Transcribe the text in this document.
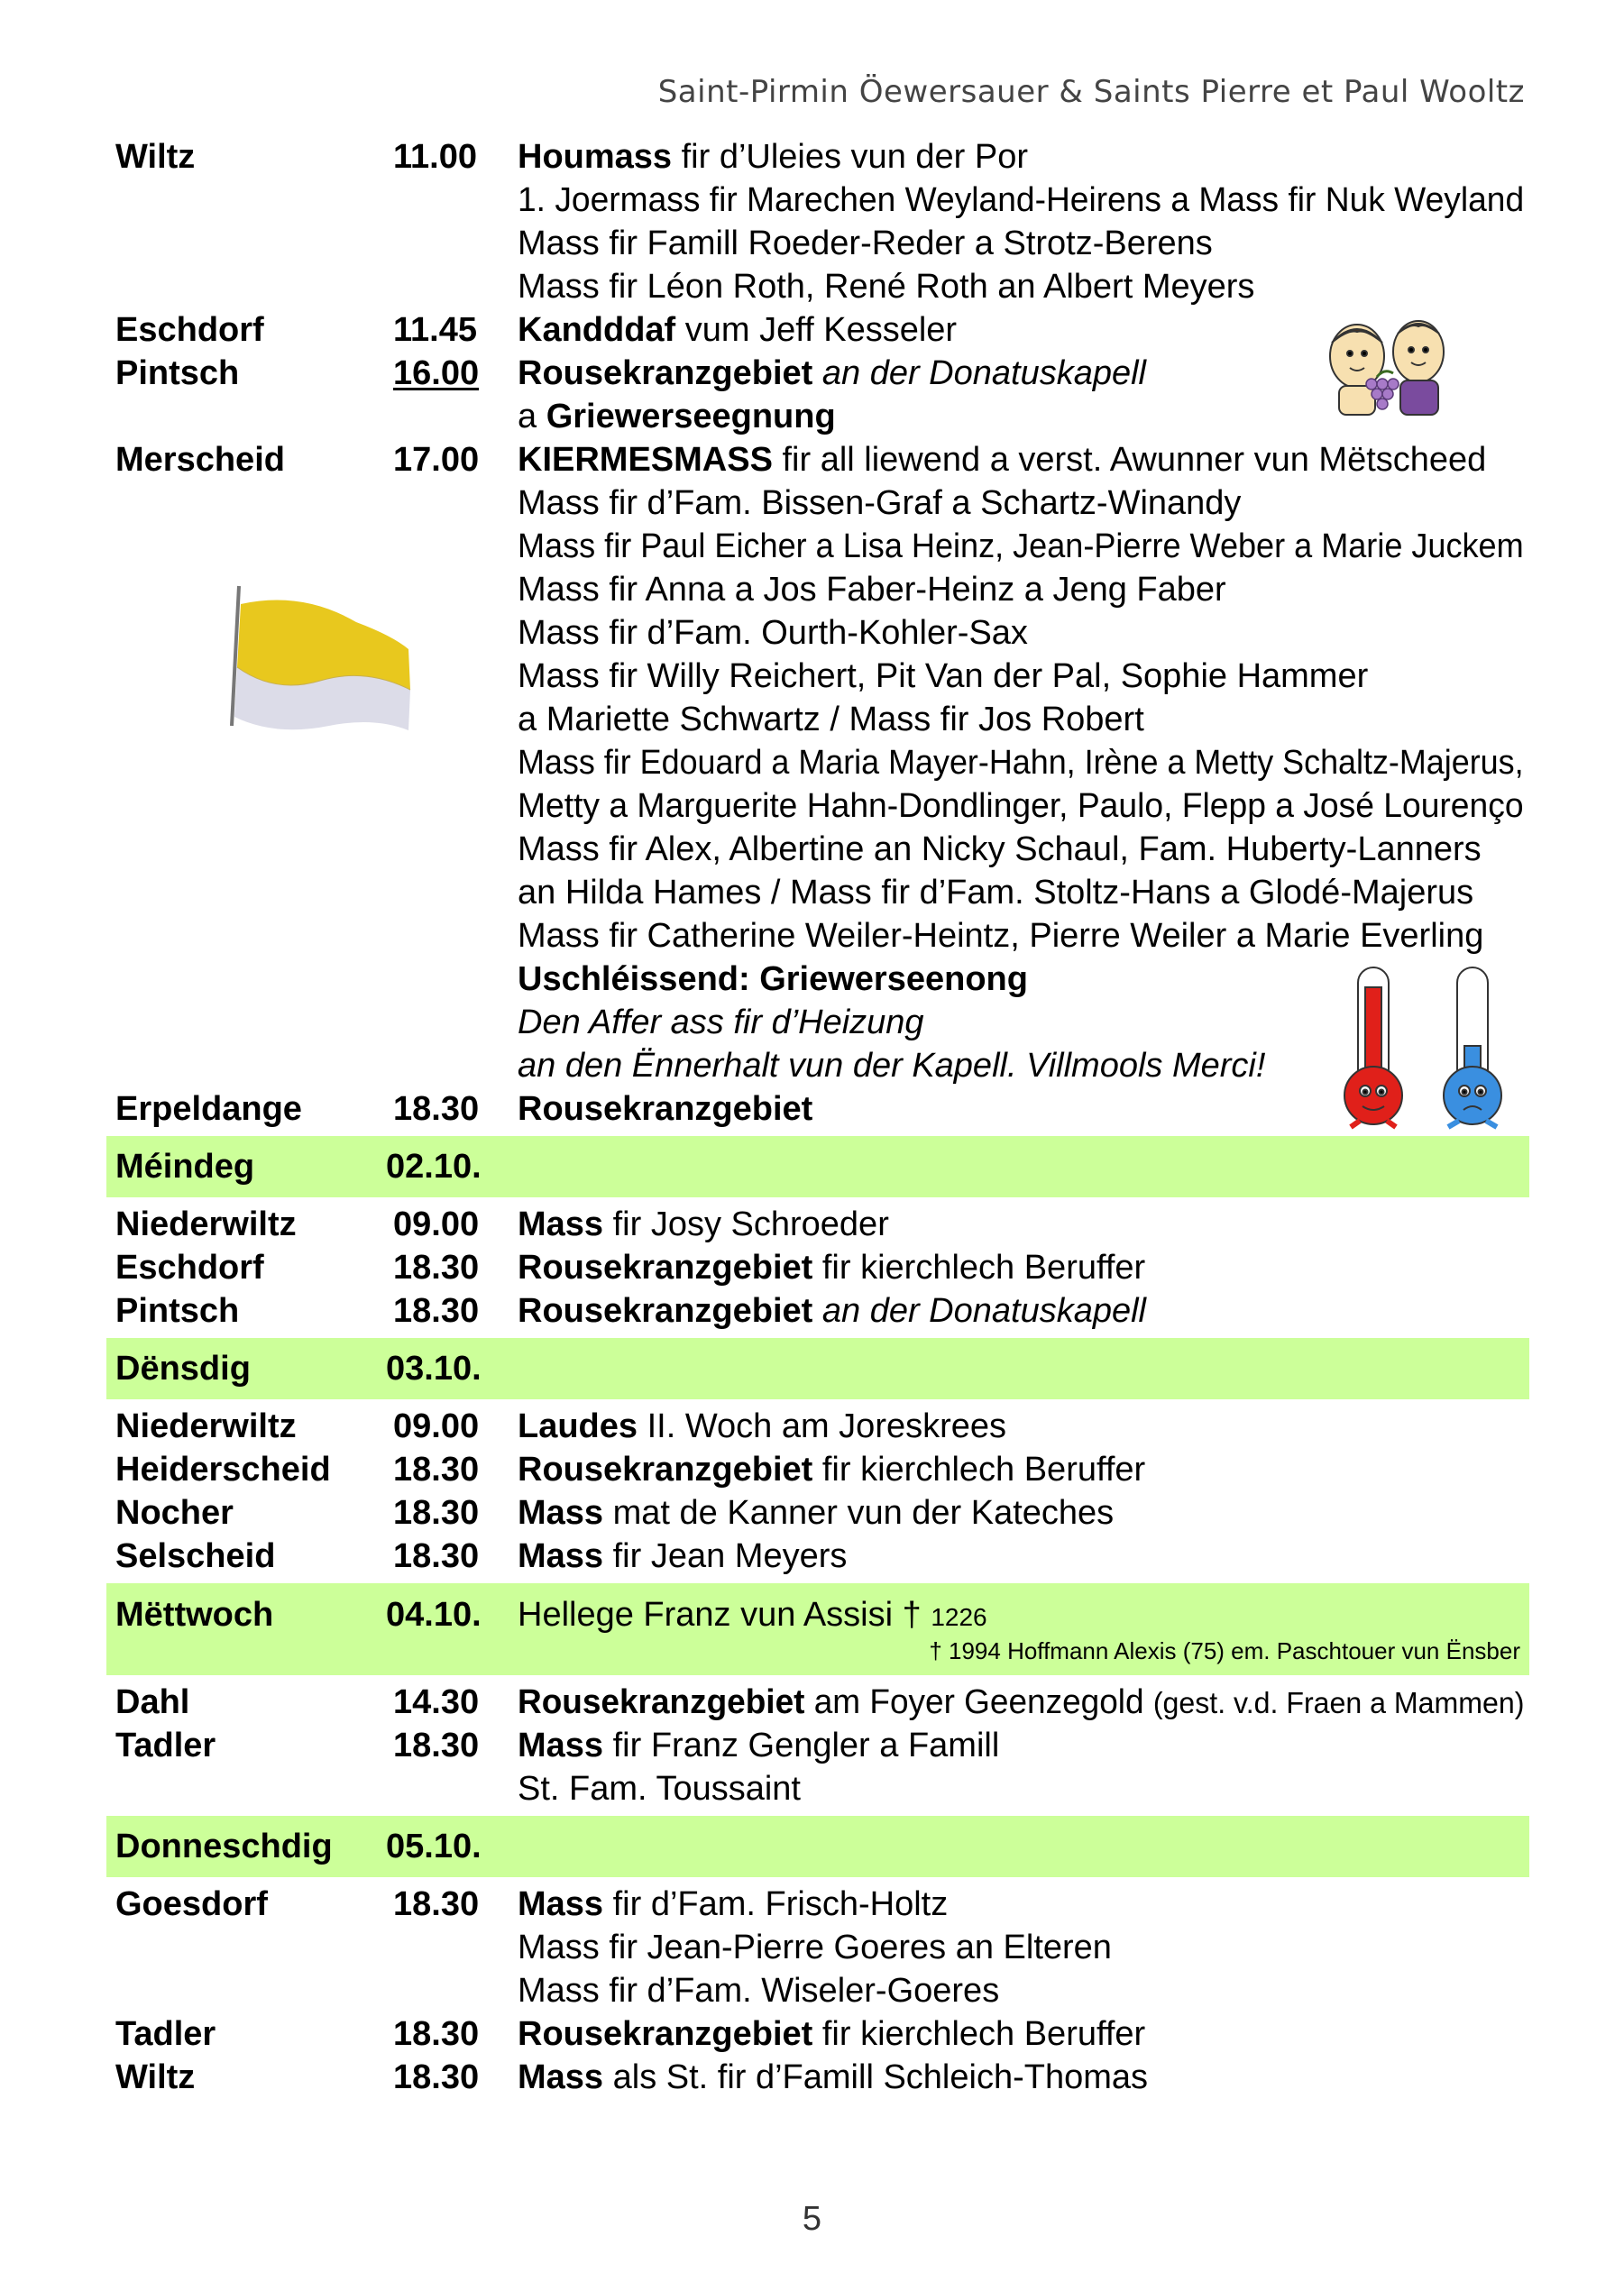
Saint-Pirmin Öewersauer & Saints Pierre et Paul Wooltz
Wiltz	11.00 Houmass fir d’Uleies vun der Por
1. Joermass fir Marechen Weyland-Heirens a Mass fir Nuk Weyland
Mass fir Famill Roeder-Reder a Strotz-Berens
Mass fir Léon Roth, René Roth an Albert Meyers
Eschdorf	11.45 Kandddaf vum Jeff Kesseler
Pintsch	16.00 Rousekranzgebiet an der Donatuskapell
a Griewerseegnung
Merscheid	17.00 KIERMESMASS fir all liewend a verst. Awunner vun Mëtscheed
Mass fir d’Fam. Bissen-Graf a Schartz-Winandy
Mass fir Paul Eicher a Lisa Heinz, Jean-Pierre Weber a Marie Juckem
Mass fir Anna a Jos Faber-Heinz a Jeng Faber
Mass fir d’Fam. Ourth-Kohler-Sax
Mass fir Willy Reichert, Pit Van der Pal, Sophie Hammer
a Mariette Schwartz / Mass fir Jos Robert
Mass fir Edouard a Maria Mayer-Hahn, Irène a Metty Schaltz-Majerus,
Metty a Marguerite Hahn-Dondlinger, Paulo, Flepp a José Lourenço
Mass fir Alex, Albertine an Nicky Schaul, Fam. Huberty-Lanners
an Hilda Hames / Mass fir d’Fam. Stoltz-Hans a Glodé-Majerus
Mass fir Catherine Weiler-Heintz, Pierre Weiler a Marie Everling
Uschléissend: Griewerseenong
Den Affer ass fir d’Heizung
an den Ënnerhalt vun der Kapell. Villmools Merci!
Erpeldange	18.30 Rousekranzgebiet
Méindeg	02.10.
Niederwiltz	09.00 Mass fir Josy Schroeder
Eschdorf	18.30 Rousekranzgebiet fir kierchlech Beruffer
Pintsch	18.30 Rousekranzgebiet an der Donatuskapell
Dënsdig	03.10.
Niederwiltz	09.00 Laudes II. Woch am Joreskrees
Heiderscheid 18.30 Rousekranzgebiet fir kierchlech Beruffer
Nocher	18.30 Mass mat de Kanner vun der Kateches
Selscheid	18.30 Mass fir Jean Meyers
Mëttwoch	04.10. Hellege Franz vun Assisi † 1226
† 1994 Hoffmann Alexis (75) em. Paschtouer vun Ënsber
Dahl	14.30 Rousekranzgebiet am Foyer Geenzegold (gest. v.d. Fraen a Mammen)
Tadler	18.30 Mass fir Franz Gengler a Famill
St. Fam. Toussaint
Donneschdig 05.10.
Goesdorf	18.30 Mass fir d’Fam. Frisch-Holtz
Mass fir Jean-Pierre Goeres an Elteren
Mass fir d’Fam. Wiseler-Goeres
Tadler	18.30 Rousekranzgebiet fir kierchlech Beruffer
Wiltz	18.30 Mass als St. fir d’Famill Schleich-Thomas
5
